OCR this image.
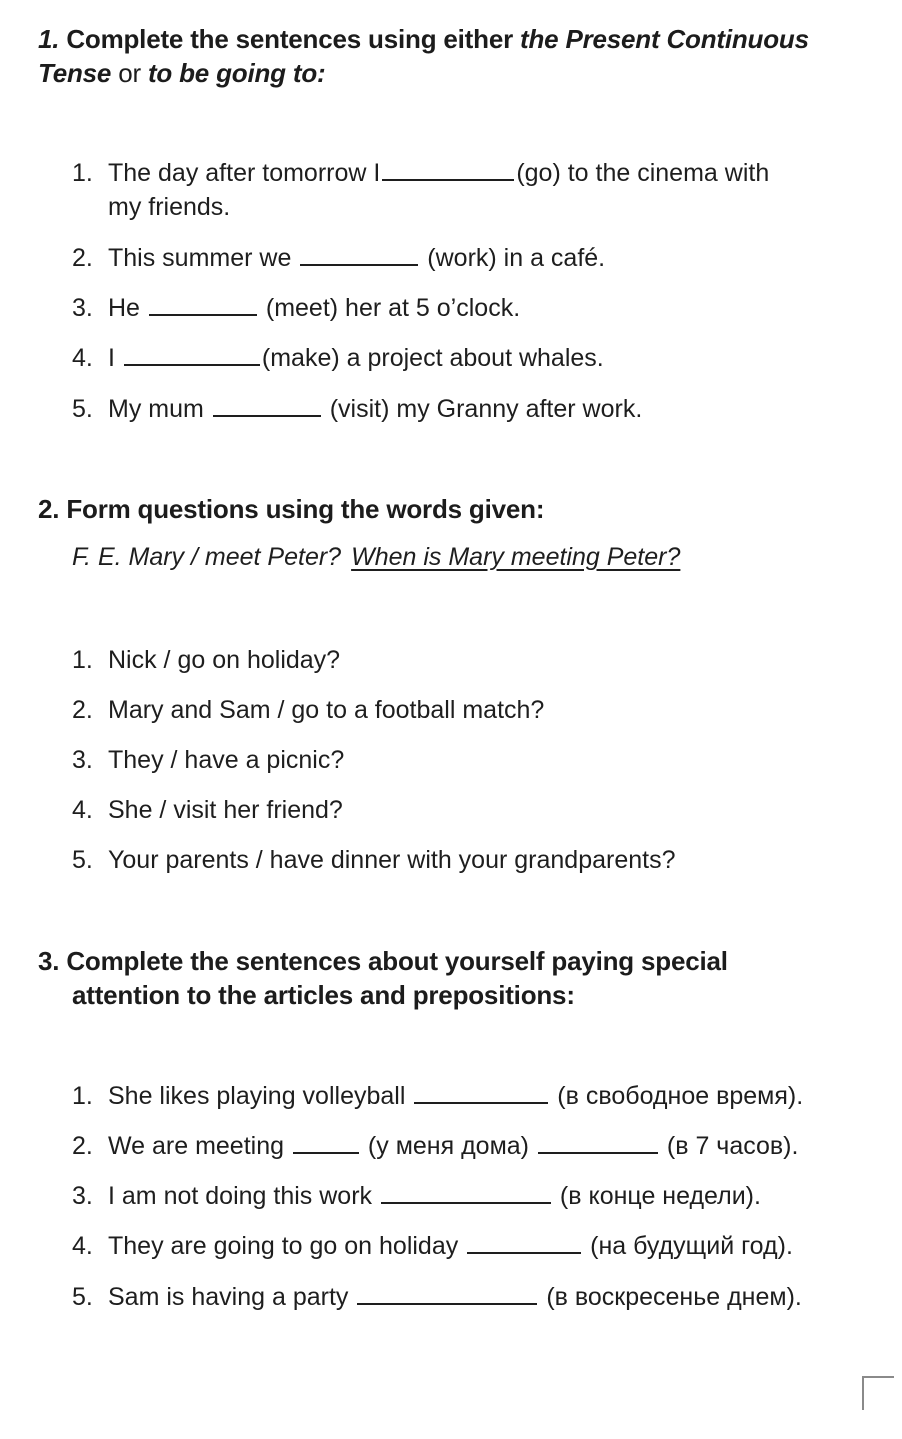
1. Complete the sentences using either the Present Continuous Tense or to be going to:
1. The day after tomorrow I	(go) to the cinema with
my friends.
2. This summer we	(work) in a café.
3. He	(meet) her at 5 o’clock.
4. I	(make) a project about whales.
5. My mum	(visit) my Granny after work.
2. Form questions using the words given:
F. E. Mary / meet Peter? When is Mary meeting Peter?
1. Nick / go on holiday?
2. Mary and Sam / go to a football match?
3. They / have a picnic?
4. She / visit her friend?
5. Your parents / have dinner with your grandparents?
3. Complete the sentences about yourself paying special
attention to the articles and prepositions:
1. She likes playing volleyball	(в свободное время).
2. We are meeting	(у меня дома)	(в 7 часов).
3. I am not doing this work	(в конце недели).
4. They are going to go on holiday	(на будущий год).
5. Sam is having a party	(в воскресенье днем).
